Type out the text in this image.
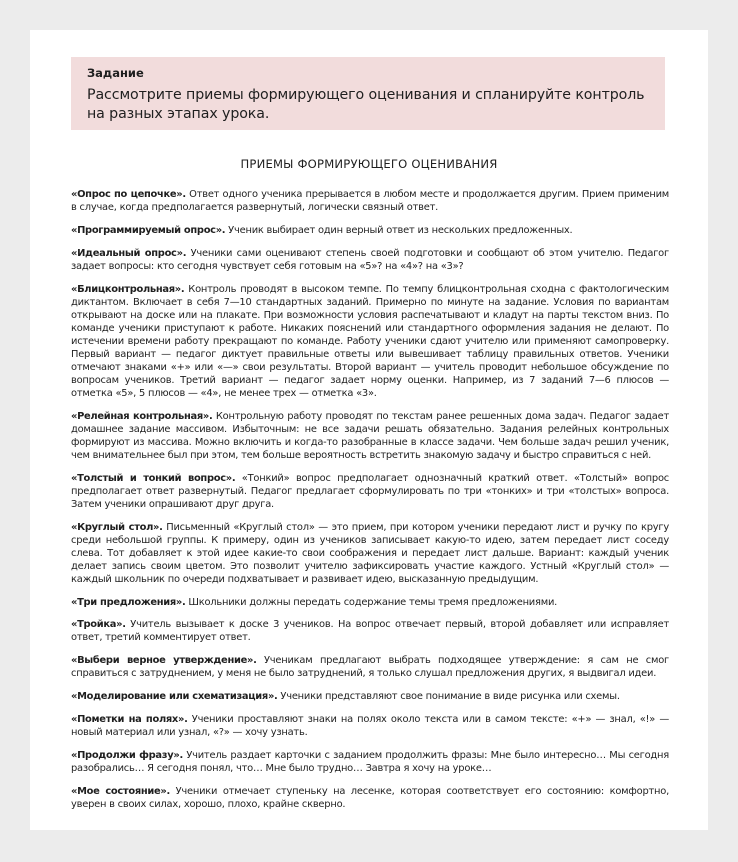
Задание
Рассмотрите приемы формирующего оценивания и спланируйте контроль на разных этапах урока.
ПРИЕМЫ ФОРМИРУЮЩЕГО ОЦЕНИВАНИЯ

«Опрос по цепочке». Ответ одного ученика прерывается в любом месте и продолжается другим. Прием применим в случае, когда предполагается развернутый, логически связный ответ.

«Программируемый опрос». Ученик выбирает один верный ответ из нескольких предложенных.

«Идеальный опрос». Ученики сами оценивают степень своей подготовки и сообщают об этом учителю. Педагог задает вопросы: кто сегодня чувствует себя готовым на «5»? на «4»? на «3»?

«Блицконтрольная». Контроль проводят в высоком темпе. По темпу блицконтрольная сходна с фактологическим диктантом. Включает в себя 7—10 стандартных заданий. Примерно по минуте на задание. Условия по вариантам открывают на доске или на плакате. При возможности условия распечатывают и кладут на парты текстом вниз. По команде ученики приступают к работе. Никаких пояснений или стандартного оформления задания не делают. По истечении времени работу прекращают по команде. Работу ученики сдают учителю или применяют самопроверку. Первый вариант — педагог диктует правильные ответы или вывешивает таблицу правильных ответов. Ученики отмечают знаками «+» или «—» свои результаты. Второй вариант — учитель проводит небольшое обсуждение по вопросам учеников. Третий вариант — педагог задает норму оценки. Например, из 7 заданий 7—6 плюсов — отметка «5», 5 плюсов — «4», не менее трех — отметка «3».

«Релейная контрольная». Контрольную работу проводят по текстам ранее решенных дома задач. Педагог задает домашнее задание массивом. Избыточным: не все задачи решать обязательно. Задания релейных контрольных формируют из массива. Можно включить и когда-то разобранные в классе задачи. Чем больше задач решил ученик, чем внимательнее был при этом, тем больше вероятность встретить знакомую задачу и быстро справиться с ней.

«Толстый и тонкий вопрос». «Тонкий» вопрос предполагает однозначный краткий ответ. «Толстый» вопрос предполагает ответ развернутый. Педагог предлагает сформулировать по три «тонких» и три «толстых» вопроса. Затем ученики опрашивают друг друга.

«Круглый стол». Письменный «Круглый стол» — это прием, при котором ученики передают лист и ручку по кругу среди небольшой группы. К примеру, один из учеников записывает какую-то идею, затем передает лист соседу слева. Тот добавляет к этой идее какие-то свои соображения и передает лист дальше. Вариант: каждый ученик делает запись своим цветом. Это позволит учителю зафиксировать участие каждого. Устный «Круглый стол» — каждый школьник по очереди подхватывает и развивает идею, высказанную предыдущим.

«Три предложения». Школьники должны передать содержание темы тремя предложениями.

«Тройка». Учитель вызывает к доске 3 учеников. На вопрос отвечает первый, второй добавляет или исправляет ответ, третий комментирует ответ.

«Выбери верное утверждение». Ученикам предлагают выбрать подходящее утверждение: я сам не смог справиться с затруднением, у меня не было затруднений, я только слушал предложения других, я выдвигал идеи.

«Моделирование или схематизация». Ученики представляют свое понимание в виде рисунка или схемы.

«Пометки на полях». Ученики проставляют знаки на полях около текста или в самом тексте: «+» — знал, «!» — новый материал или узнал, «?» — хочу узнать.

«Продолжи фразу». Учитель раздает карточки с заданием продолжить фразы: Мне было интересно… Мы сегодня разобрались… Я сегодня понял, что… Мне было трудно… Завтра я хочу на уроке…

«Мое состояние». Ученики отмечает ступеньку на лесенке, которая соответствует его состоянию: комфортно, уверен в своих силах, хорошо, плохо, крайне скверно.
